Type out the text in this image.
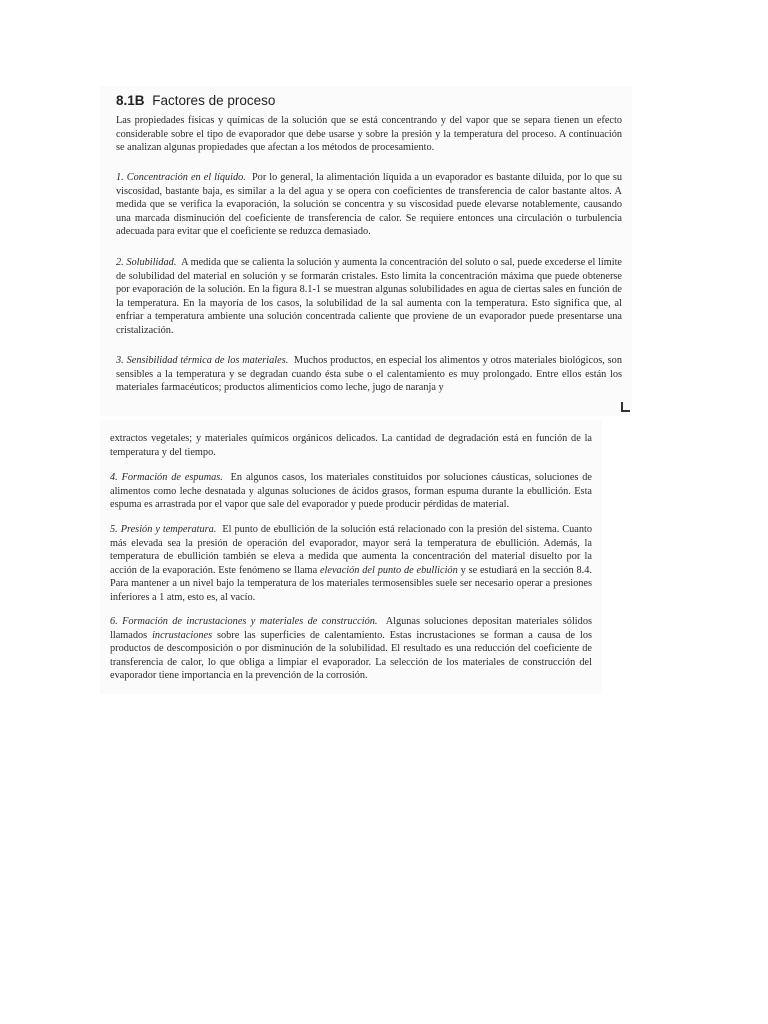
8.1B Factores de proceso

Las propiedades físicas y químicas de la solución que se está concentrando y del vapor que se separa tienen un efecto considerable sobre el tipo de evaporador que debe usarse y sobre la presión y la temperatura del proceso. A continuación se analizan algunas propiedades que afectan a los métodos de procesamiento.

1. Concentración en el líquido. Por lo general, la alimentación líquida a un evaporador es bastante diluida, por lo que su viscosidad, bastante baja, es similar a la del agua y se opera con coeficientes de transferencia de calor bastante altos. A medida que se verifica la evaporación, la solución se concentra y su viscosidad puede elevarse notablemente, causando una marcada disminución del coeficiente de transferencia de calor. Se requiere entonces una circulación o turbulencia adecuada para evitar que el coeficiente se reduzca demasiado.

2. Solubilidad. A medida que se calienta la solución y aumenta la concentración del soluto o sal, puede excederse el límite de solubilidad del material en solución y se formarán cristales. Esto limita la concentración máxima que puede obtenerse por evaporación de la solución. En la figura 8.1-1 se muestran algunas solubilidades en agua de ciertas sales en función de la temperatura. En la mayoría de los casos, la solubilidad de la sal aumenta con la temperatura. Esto significa que, al enfriar a temperatura ambiente una solución concentrada caliente que proviene de un evaporador puede presentarse una cristalización.

3. Sensibilidad térmica de los materiales. Muchos productos, en especial los alimentos y otros materiales biológicos, son sensibles a la temperatura y se degradan cuando ésta sube o el calentamiento es muy prolongado. Entre ellos están los materiales farmacéuticos; productos alimenticios como leche, jugo de naranja y

extractos vegetales; y materiales químicos orgánicos delicados. La cantidad de degradación está en función de la temperatura y del tiempo.

4. Formación de espumas. En algunos casos, los materiales constituidos por soluciones cáusticas, soluciones de alimentos como leche desnatada y algunas soluciones de ácidos grasos, forman espuma durante la ebullición. Esta espuma es arrastrada por el vapor que sale del evaporador y puede producir pérdidas de material.

5. Presión y temperatura. El punto de ebullición de la solución está relacionado con la presión del sistema. Cuanto más elevada sea la presión de operación del evaporador, mayor será la temperatura de ebullición. Además, la temperatura de ebullición también se eleva a medida que aumenta la concentración del material disuelto por la acción de la evaporación. Este fenómeno se llama elevación del punto de ebullición y se estudiará en la sección 8.4. Para mantener a un nivel bajo la temperatura de los materiales termosensibles suele ser necesario operar a presiones inferiores a 1 atm, esto es, al vacío.

6. Formación de incrustaciones y materiales de construcción. Algunas soluciones depositan materiales sólidos llamados incrustaciones sobre las superficies de calentamiento. Estas incrustaciones se forman a causa de los productos de descomposición o por disminución de la solubilidad. El resultado es una reducción del coeficiente de transferencia de calor, lo que obliga a limpiar el evaporador. La selección de los materiales de construcción del evaporador tiene importancia en la prevención de la corrosión.
